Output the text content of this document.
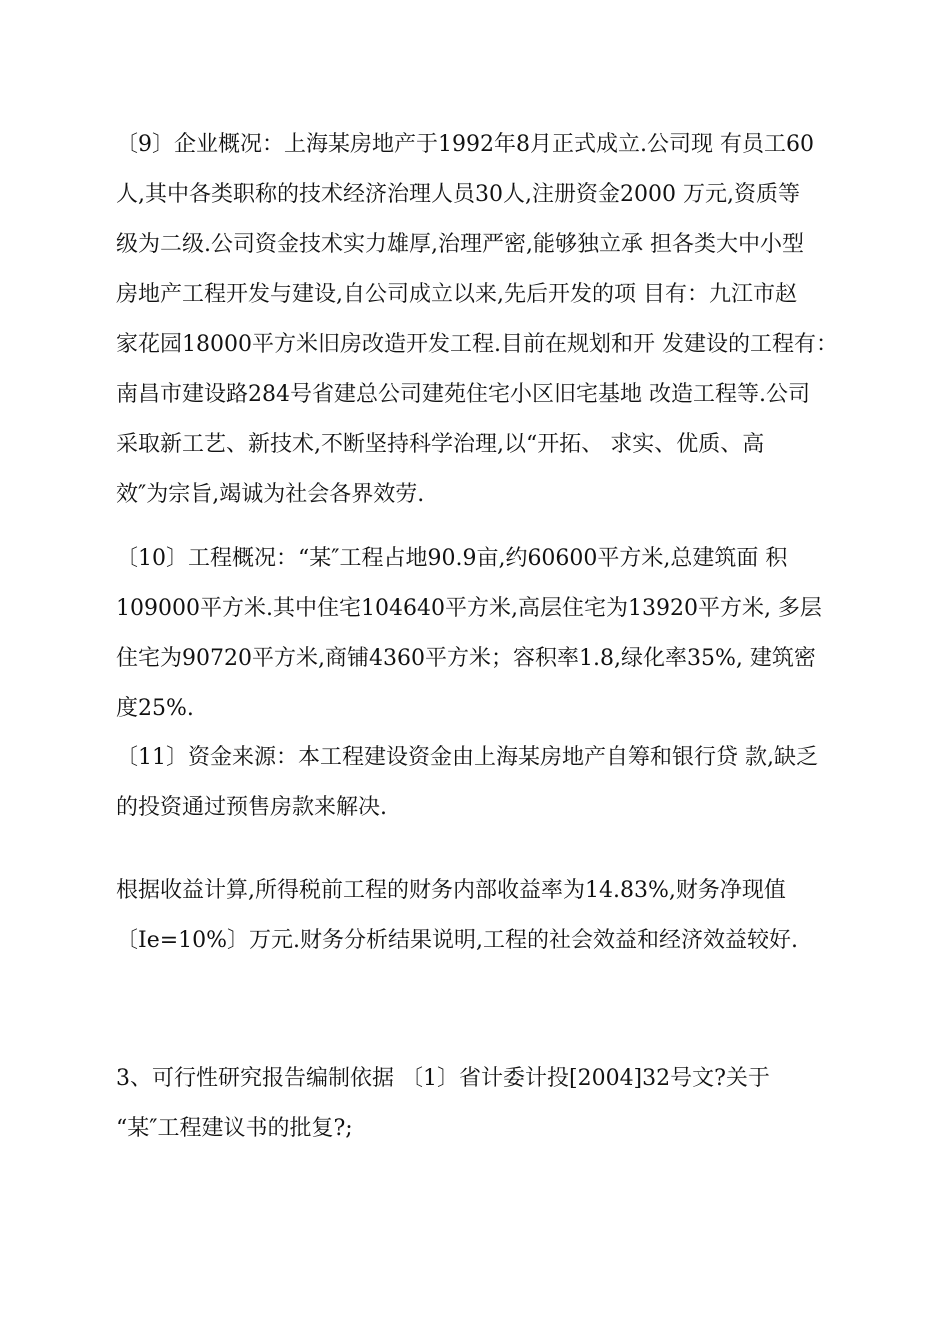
〔9〕企业概况：上海某房地产于1992年8月正式成立.公司现 有员工60
人,其中各类职称的技术经济治理人员30人,注册资金2000 万元,资质等
级为二级.公司资金技术实力雄厚,治理严密,能够独立承 担各类大中小型
房地产工程开发与建设,自公司成立以来,先后开发的项 目有：九江市赵
家花园18000平方米旧房改造开发工程.目前在规划和开 发建设的工程有：
南昌市建设路284号省建总公司建苑住宅小区旧宅基地 改造工程等.公司
采取新工艺、新技术,不断坚持科学治理,以“开拓、 求实、优质、高
效″为宗旨,竭诚为社会各界效劳.
〔10〕工程概况：“某″工程占地90.9亩,约60600平方米,总建筑面 积
109000平方米.其中住宅104640平方米,高层住宅为13920平方米, 多层
住宅为90720平方米,商铺4360平方米；容积率1.8,绿化率35%, 建筑密
度25%.
〔11〕资金来源：本工程建设资金由上海某房地产自筹和银行贷 款,缺乏
的投资通过预售房款来解决.
根据收益计算,所得税前工程的财务内部收益率为14.83%,财务净现值
〔Ie=10%〕万元.财务分析结果说明,工程的社会效益和经济效益较好.
3、可行性研究报告编制依据 〔1〕省计委计投[2004]32号文?关于
“某″工程建议书的批复?;
